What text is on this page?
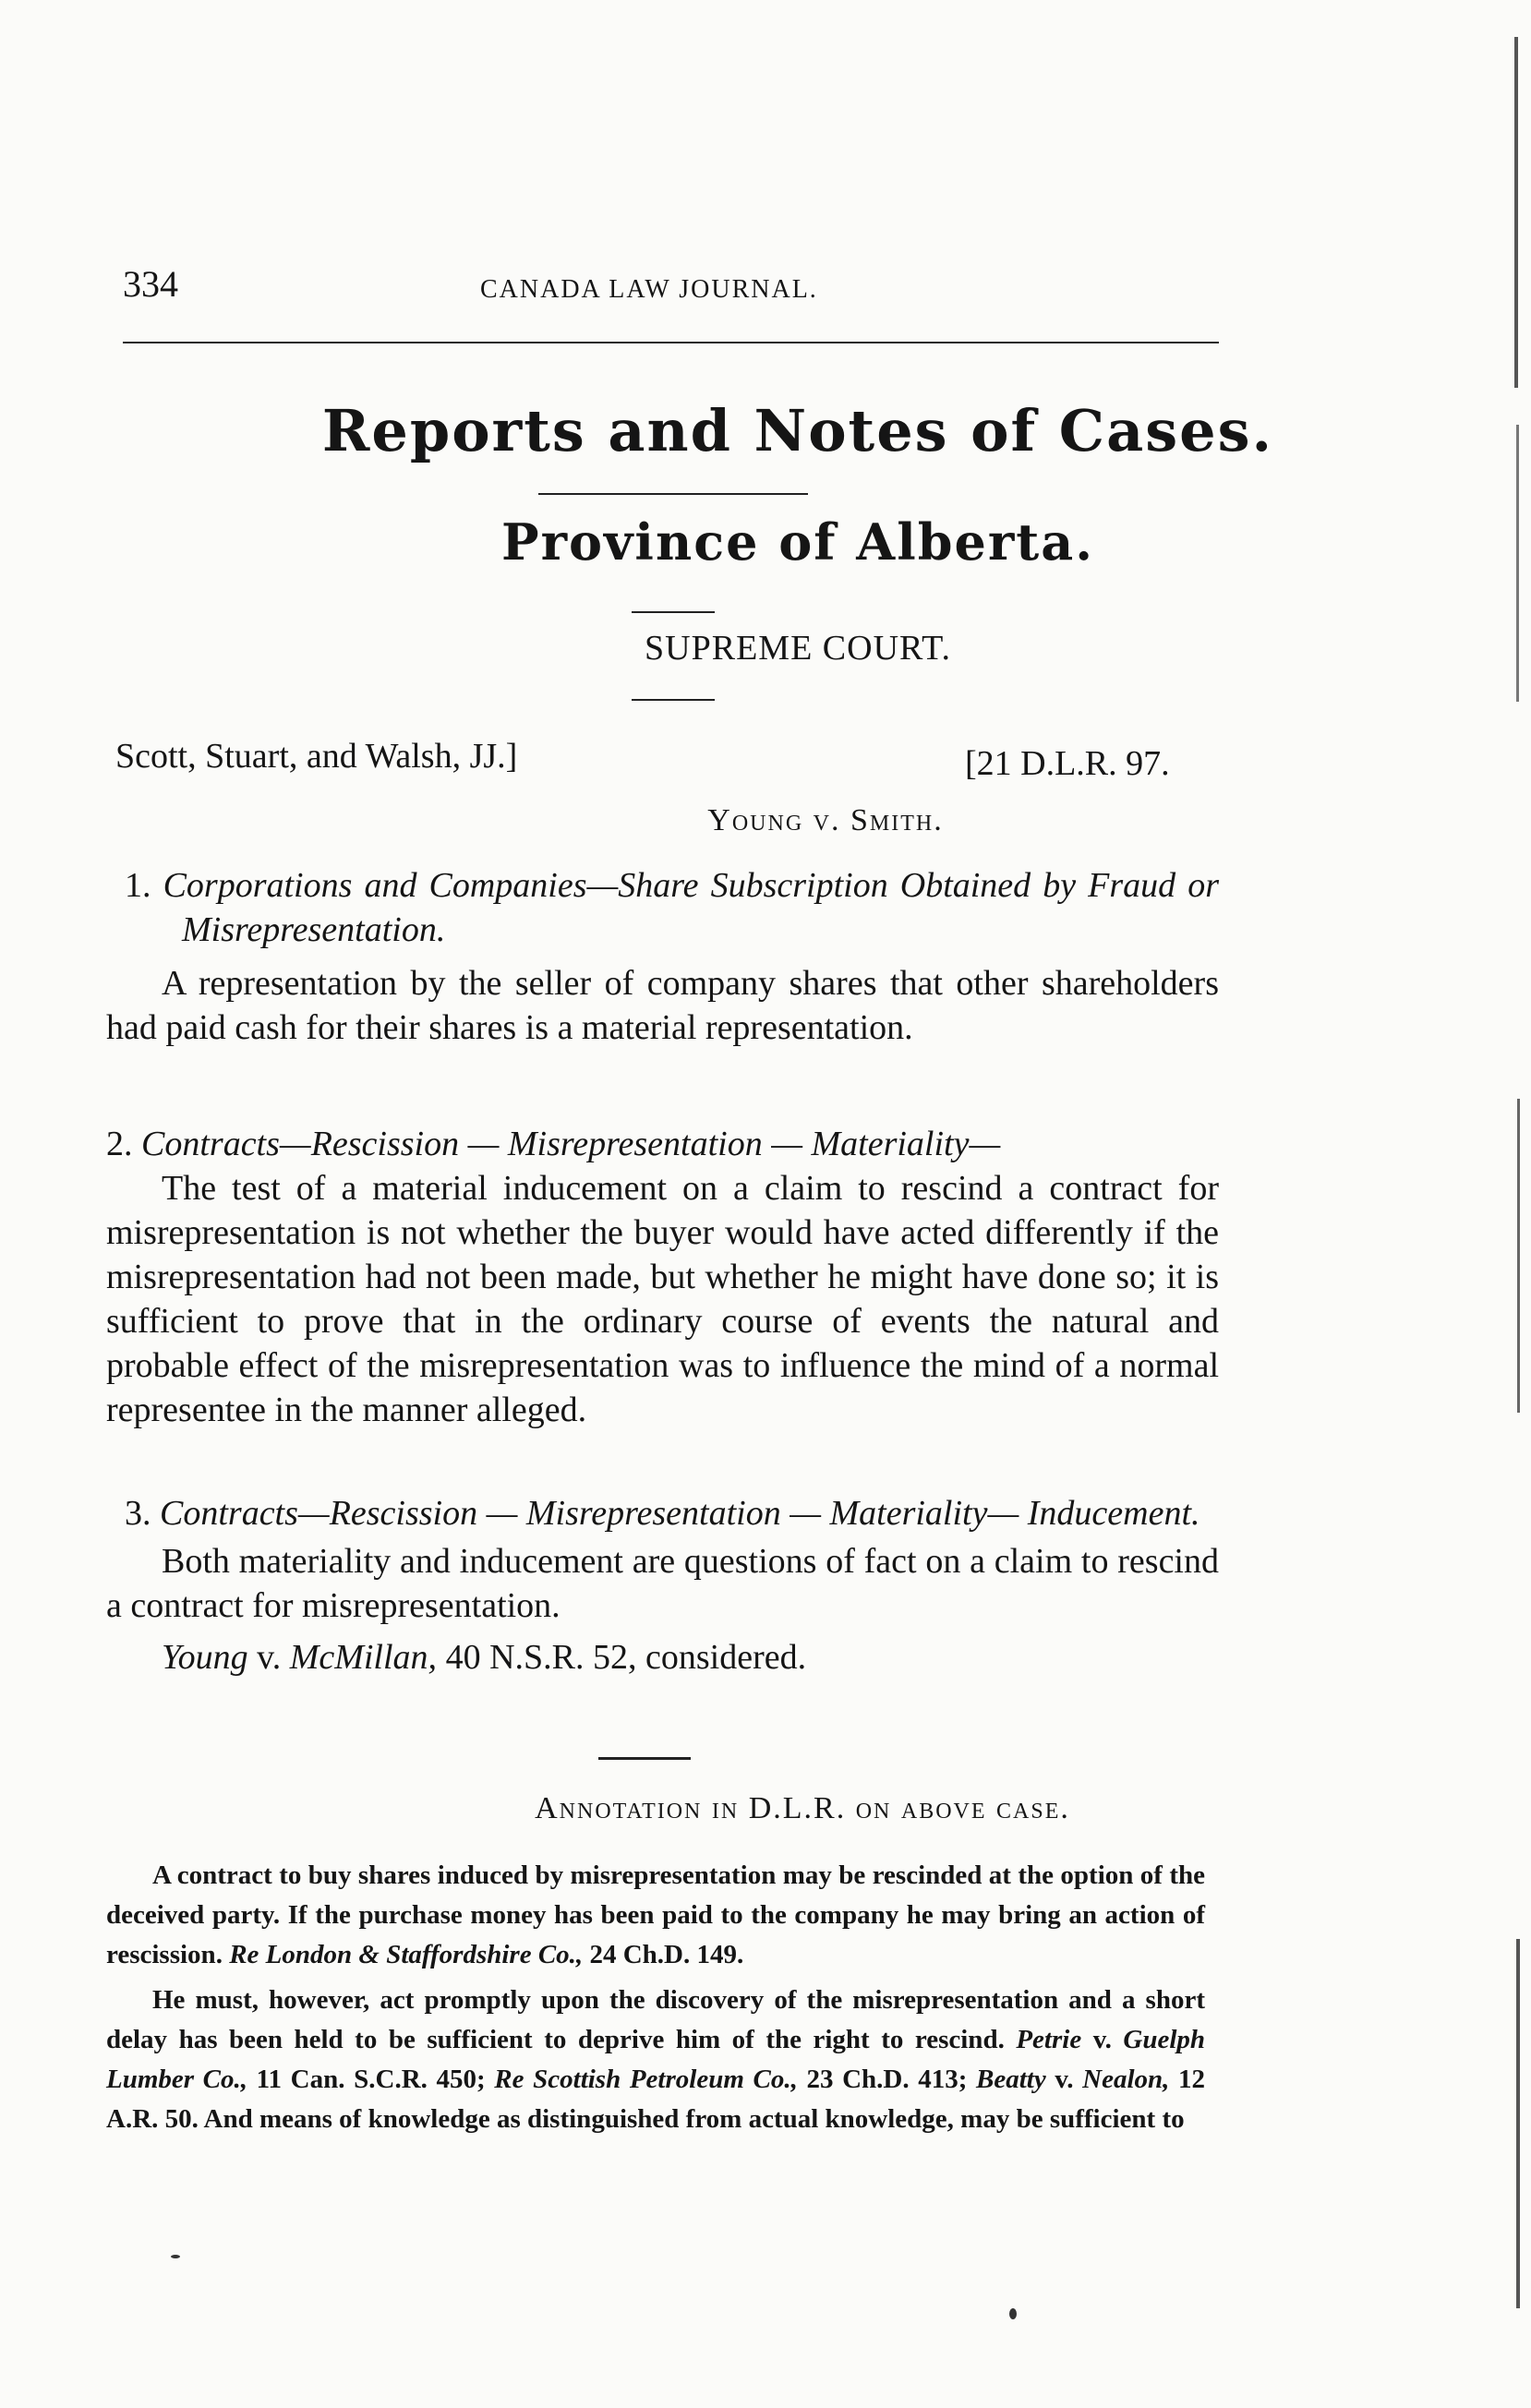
334	CANADA LAW JOURNAL.
Reports and Notes of Cases.
Province of Alberta.
SUPREME COURT.
Scott, Stuart, and Walsh, JJ.]	[21 D.L.R. 97.
Young v. Smith.

1. Corporations and Companies—Share Subscription Obtained by Fraud or Misrepresentation.

A representation by the seller of company shares that other shareholders had paid cash for their shares is a material representation.

2. Contracts—Rescission — Misrepresentation — Materiality—

The test of a material inducement on a claim to rescind a contract for misrepresentation is not whether the buyer would have acted differently if the misrepresentation had not been made, but whether he might have done so; it is sufficient to prove that in the ordinary course of events the natural and probable effect of the misrepresentation was to influence the mind of a normal representee in the manner alleged.

3. Contracts—Rescission — Misrepresentation — Materiality— Inducement.

Both materiality and inducement are questions of fact on a claim to rescind a contract for misrepresentation.

Young v. McMillan, 40 N.S.R. 52, considered.

Annotation in D.L.R. on above case.

A contract to buy shares induced by misrepresentation may be rescinded at the option of the deceived party. If the purchase money has been paid to the company he may bring an action of rescission. Re London & Staffordshire Co., 24 Ch.D. 149.

He must, however, act promptly upon the discovery of the misrepresentation and a short delay has been held to be sufficient to deprive him of the right to rescind. Petrie v. Guelph Lumber Co., 11 Can. S.C.R. 450; Re Scottish Petroleum Co., 23 Ch.D. 413; Beatty v. Nealon, 12 A.R. 50. And means of knowledge as distinguished from actual knowledge, may be sufficient to
